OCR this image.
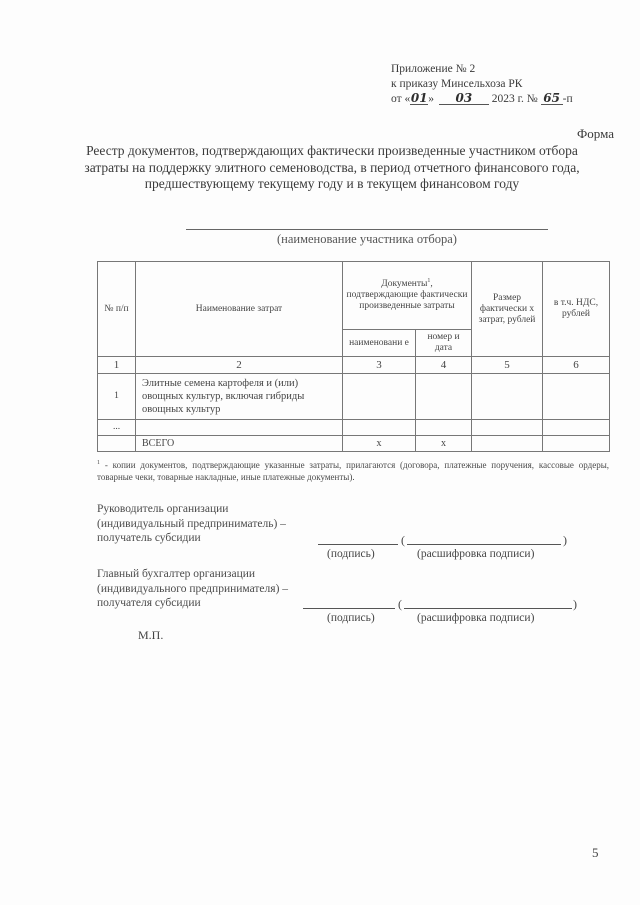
Приложение № 2
к приказу Минсельхоза РК
от «01» 03 2023 г. № 65 -п
Форма
Реестр документов, подтверждающих фактически произведенные участником отбора затраты на поддержку элитного семеноводства, в период отчетного финансового года, предшествующему текущему году и в текущем финансовом году
(наименование участника отбора)
№ п/п	Наименование затрат	Документы$^1$, подтверждающие фактически произведенные затраты		Размер фактически х затрат, рублей	в т.ч. НДС, рублей
		наименовани е	номер и дата		
1	2	3	4	5	6
1	Элитные семена картофеля и (или) овощных культур, включая гибриды овощных культур				
...					
	ВСЕГО	х	х		
$^1$ - копии документов, подтверждающие указанные затраты, прилагаются (договора, платежные поручения, кассовые ордеры, товарные чеки, товарные накладные, иные платежные документы).
Руководитель организации
(индивидуальный предприниматель) –
получатель субсидии	(	)
(подпись)	(расшифровка подписи)
Главный бухгалтер организации
(индивидуального предпринимателя) –
получателя субсидии	(	)
(подпись)	(расшифровка подписи)
М.П.
5
